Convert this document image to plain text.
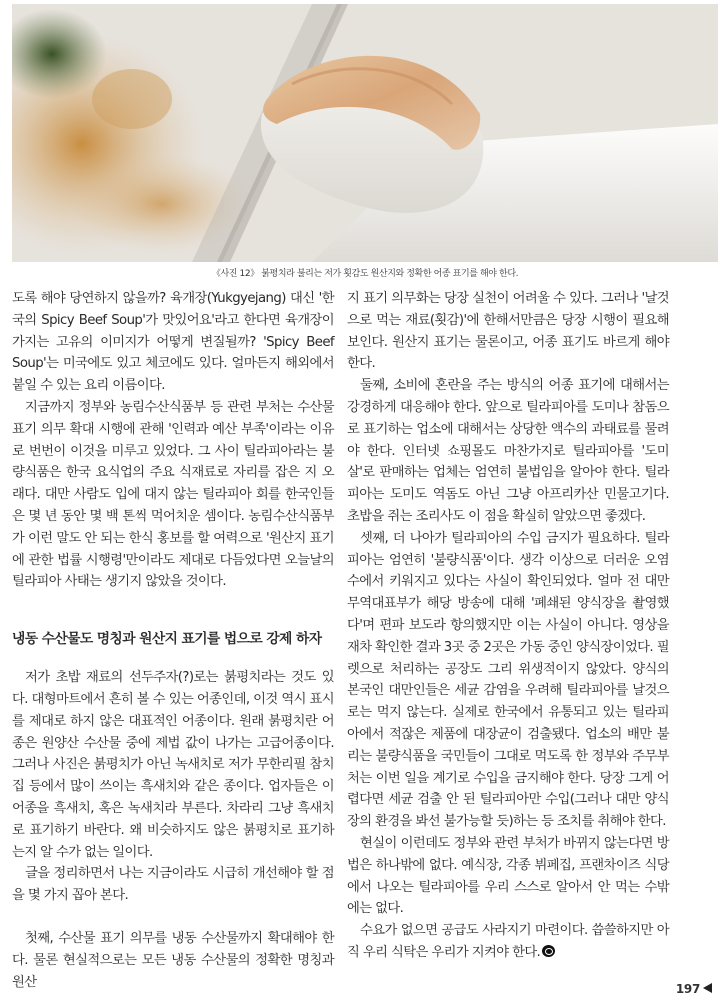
《사진 12》 붉평치라 불리는 저가 횟감도 원산지와 정확한 어종 표기를 해야 한다.

도록 해야 당연하지 않을까? 육개장(Yukgyejang) 대신 '한국의 Spicy Beef Soup'가 맛있어요'라고 한다면 육개장이 가지는 고유의 이미지가 어떻게 변질될까? 'Spicy Beef Soup'는 미국에도 있고 체코에도 있다. 얼마든지 해외에서 붙일 수 있는 요리 이름이다.

지금까지 정부와 농림수산식품부 등 관련 부처는 수산물 표기 의무 확대 시행에 관해 '인력과 예산 부족'이라는 이유로 번번이 이것을 미루고 있었다. 그 사이 틸라피아라는 불량식품은 한국 요식업의 주요 식재료로 자리를 잡은 지 오래다. 대만 사람도 입에 대지 않는 틸라피아 회를 한국인들은 몇 년 동안 몇 백 톤씩 먹어치운 셈이다. 농림수산식품부가 이런 말도 안 되는 한식 홍보를 할 여력으로 '원산지 표기에 관한 법률 시행령'만이라도 제대로 다듬었다면 오늘날의 틸라피아 사태는 생기지 않았을 것이다.

냉동 수산물도 명칭과 원산지 표기를 법으로 강제 하자

저가 초밥 재료의 선두주자(?)로는 붉평치라는 것도 있다. 대형마트에서 흔히 볼 수 있는 어종인데, 이것 역시 표시를 제대로 하지 않은 대표적인 어종이다. 원래 붉평치란 어종은 원양산 수산물 중에 제법 값이 나가는 고급어종이다. 그러나 사진은 붉평치가 아닌 녹새치로 저가 무한리필 참치집 등에서 많이 쓰이는 흑새치와 같은 종이다. 업자들은 이 어종을 흑새치, 혹은 녹새치라 부른다. 차라리 그냥 흑새치로 표기하기 바란다. 왜 비슷하지도 않은 붉평치로 표기하는지 알 수가 없는 일이다.

글을 정리하면서 나는 지금이라도 시급히 개선해야 할 점을 몇 가지 꼽아 본다.

첫째, 수산물 표기 의무를 냉동 수산물까지 확대해야 한다. 물론 현실적으로는 모든 냉동 수산물의 정확한 명칭과 원산

지 표기 의무화는 당장 실천이 어려울 수 있다. 그러나 '날것으로 먹는 재료(횟감)'에 한해서만큼은 당장 시행이 필요해 보인다. 원산지 표기는 물론이고, 어종 표기도 바르게 해야 한다.

둘째, 소비에 혼란을 주는 방식의 어종 표기에 대해서는 강경하게 대응해야 한다. 앞으로 틸라피아를 도미나 참돔으로 표기하는 업소에 대해서는 상당한 액수의 과태료를 물려야 한다. 인터넷 쇼핑몰도 마찬가지로 틸라피아를 '도미살'로 판매하는 업체는 엄연히 불법임을 알아야 한다. 틸라피아는 도미도 역돔도 아닌 그냥 아프리카산 민물고기다. 초밥을 쥐는 조리사도 이 점을 확실히 알았으면 좋겠다.

셋째, 더 나아가 틸라피아의 수입 금지가 필요하다. 틸라피아는 엄연히 '불량식품'이다. 생각 이상으로 더러운 오염수에서 키워지고 있다는 사실이 확인되었다. 얼마 전 대만무역대표부가 해당 방송에 대해 '폐쇄된 양식장을 촬영했다'며 편파 보도라 항의했지만 이는 사실이 아니다. 영상을 재차 확인한 결과 3곳 중 2곳은 가동 중인 양식장이었다. 필렛으로 처리하는 공장도 그리 위생적이지 않았다. 양식의 본국인 대만인들은 세균 감염을 우려해 틸라피아를 날것으로는 먹지 않는다. 실제로 한국에서 유통되고 있는 틸라피아에서 적잖은 제품에 대장균이 검출됐다. 업소의 배만 불리는 불량식품을 국민들이 그대로 먹도록 한 정부와 주무부처는 이번 일을 계기로 수입을 금지해야 한다. 당장 그게 어렵다면 세균 검출 안 된 틸라피아만 수입(그러나 대만 양식장의 환경을 봐선 불가능할 듯)하는 등 조치를 취해야 한다.

현실이 이런데도 정부와 관련 부처가 바뀌지 않는다면 방법은 하나밖에 없다. 예식장, 각종 뷔페집, 프랜차이즈 식당에서 나오는 틸라피아를 우리 스스로 알아서 안 먹는 수밖에는 없다.

수요가 없으면 공급도 사라지기 마련이다. 씁쓸하지만 아직 우리 식탁은 우리가 지켜야 한다.

197
